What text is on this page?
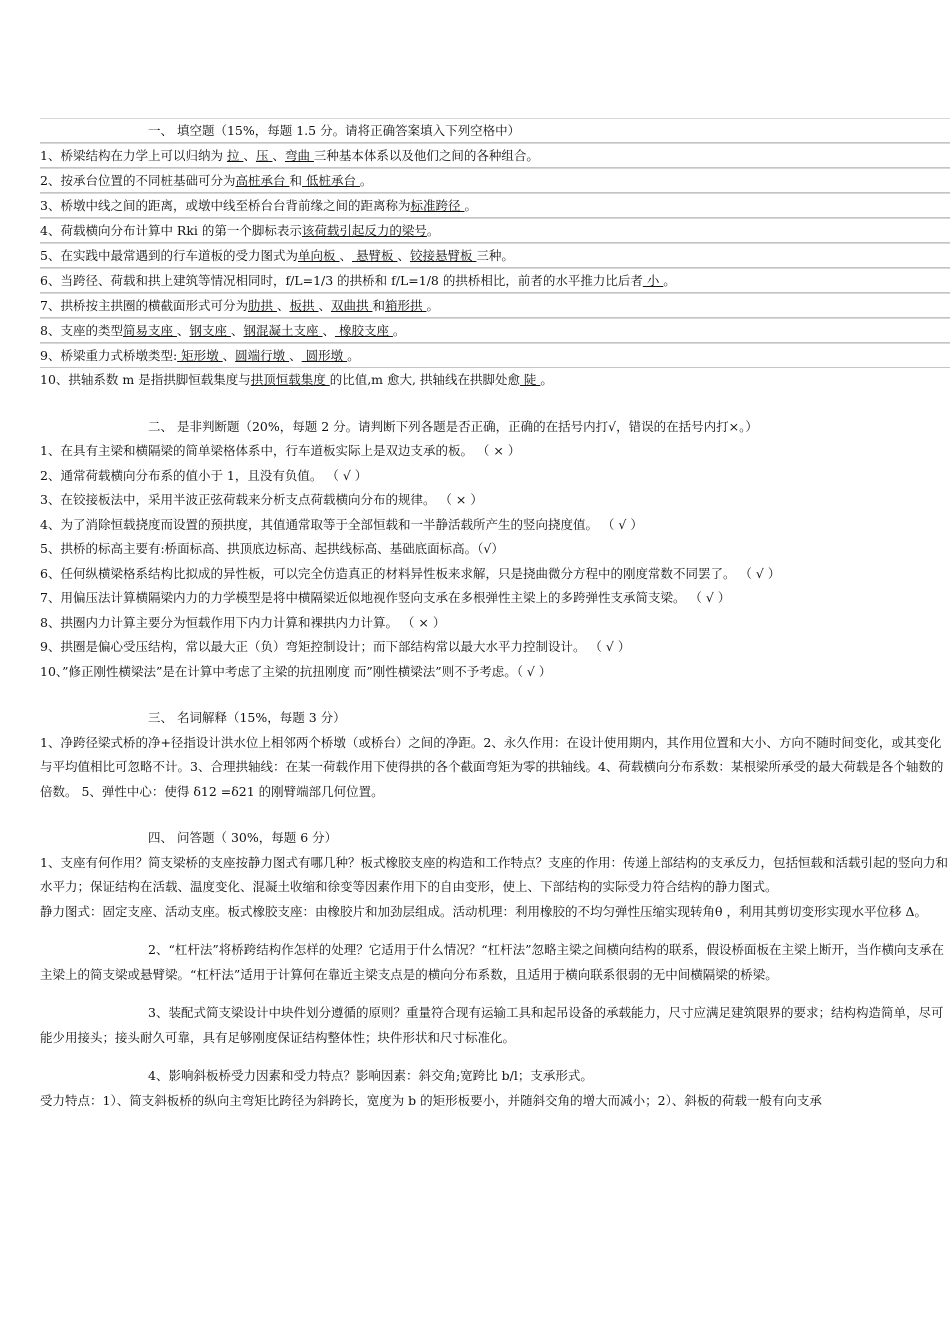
一、 填空题（15%，每题 1.5 分。请将正确答案填入下列空格中）
1、桥梁结构在力学上可以归纳为 拉 、压 、弯曲 三种基本体系以及他们之间的各种组合。
2、按承台位置的不同桩基础可分为高桩承台 和 低桩承台 。
3、桥墩中线之间的距离，或墩中线至桥台台背前缘之间的距离称为标准跨径 。
4、荷载横向分布计算中 Rki 的第一个脚标表示该荷载引起反力的梁号。
5、在实践中最常遇到的行车道板的受力图式为单向板 、 悬臂板 、铰接悬臂板 三种。
6、当跨径、荷载和拱上建筑等情况相同时，f/L=1/3 的拱桥和 f/L=1/8 的拱桥相比，前者的水平推力比后者 小 。
7、拱桥按主拱圈的横截面形式可分为肋拱 、板拱 、双曲拱 和箱形拱 。
8、支座的类型简易支座 、钢支座 、钢混凝土支座 、 橡胶支座 。
9、桥梁重力式桥墩类型: 矩形墩 、圆端行墩 、 圆形墩 。
10、拱轴系数 m 是指拱脚恒载集度与拱顶恒载集度 的比值,m 愈大, 拱轴线在拱脚处愈 陡 。
二、 是非判断题（20%，每题 2 分。请判断下列各题是否正确，正确的在括号内打√，错误的在括号内打×。）
1、在具有主梁和横隔梁的简单梁格体系中，行车道板实际上是双边支承的板。 （ × ）
2、通常荷载横向分布系的值小于 1，且没有负值。 （ √ ）
3、在铰接板法中，采用半波正弦荷载来分析支点荷载横向分布的规律。 （ × ）
4、为了消除恒载挠度而设置的预拱度，其值通常取等于全部恒载和一半静活载所产生的竖向挠度值。 （ √ ）
5、拱桥的标高主要有:桥面标高、拱顶底边标高、起拱线标高、基础底面标高。（√）
6、任何纵横梁格系结构比拟成的异性板，可以完全仿造真正的材料异性板来求解，只是挠曲微分方程中的刚度常数不同罢了。 （ √ ）
7、用偏压法计算横隔梁内力的力学模型是将中横隔梁近似地视作竖向支承在多根弹性主梁上的多跨弹性支承简支梁。 （ √ ）
8、拱圈内力计算主要分为恒载作用下内力计算和裸拱内力计算。 （ × ）
9、拱圈是偏心受压结构，常以最大正（负）弯矩控制设计；而下部结构常以最大水平力控制设计。 （ √ ）
10、”修正刚性横梁法”是在计算中考虑了主梁的抗扭刚度 而”刚性横梁法”则不予考虑。（ √ ）
三、 名词解释（15%，每题 3 分）
1、净跨径梁式桥的净+径指设计洪水位上相邻两个桥墩（或桥台）之间的净距。2、永久作用：在设计使用期内，其作用位置和大小、方向不随时间变化，或其变化与平均值相比可忽略不计。3、合理拱轴线：在某一荷载作用下使得拱的各个截面弯矩为零的拱轴线。4、荷载横向分布系数：某根梁所承受的最大荷载是各个轴数的倍数。 5、弹性中心：使得 δ12 =δ21 的刚臂端部几何位置。
四、 问答题（ 30%，每题 6 分）
1、支座有何作用？简支梁桥的支座按静力图式有哪几种？板式橡胶支座的构造和工作特点？支座的作用：传递上部结构的支承反力，包括恒载和活载引起的竖向力和水平力；保证结构在活载、温度变化、混凝土收缩和徐变等因素作用下的自由变形，使上、下部结构的实际受力符合结构的静力图式。
静力图式：固定支座、活动支座。板式橡胶支座：由橡胶片和加劲层组成。活动机理：利用橡胶的不均匀弹性压缩实现转角θ ，利用其剪切变形实现水平位移 Δ。
2、“杠杆法”将桥跨结构作怎样的处理？它适用于什么情况？“杠杆法”忽略主梁之间横向结构的联系，假设桥面板在主梁上断开，当作横向支承在主梁上的简支梁或悬臂梁。“杠杆法”适用于计算何在靠近主梁支点是的横向分布系数，且适用于横向联系很弱的无中间横隔梁的桥梁。
3、装配式简支梁设计中块件划分遵循的原则？重量符合现有运输工具和起吊设备的承载能力，尺寸应满足建筑限界的要求；结构构造简单，尽可能少用接头；接头耐久可靠，具有足够刚度保证结构整体性；块件形状和尺寸标准化。
4、影响斜板桥受力因素和受力特点？影响因素：斜交角;宽跨比 b/l；支承形式。
受力特点：1）、简支斜板桥的纵向主弯矩比跨径为斜跨长，宽度为 b 的矩形板要小，并随斜交角的增大而减小；2）、斜板的荷载一般有向支承
